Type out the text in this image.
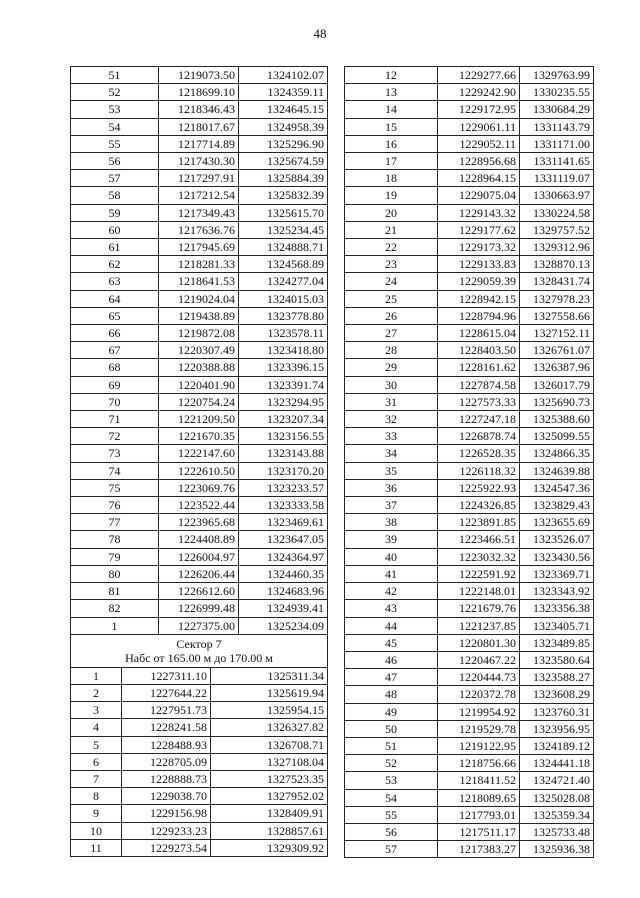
48
51	1219073.50	1324102.07
52	1218699.10	1324359.11
53	1218346.43	1324645.15
54	1218017.67	1324958.39
55	1217714.89	1325296.90
56	1217430.30	1325674.59
57	1217297.91	1325884.39
58	1217212.54	1325832.39
59	1217349.43	1325615.70
60	1217636.76	1325234.45
61	1217945.69	1324888.71
62	1218281.33	1324568.89
63	1218641.53	1324277.04
64	1219024.04	1324015.03
65	1219438.89	1323778.80
66	1219872.08	1323578.11
67	1220307.49	1323418.80
68	1220388.88	1323396.15
69	1220401.90	1323391.74
70	1220754.24	1323294.95
71	1221209.50	1323207.34
72	1221670.35	1323156.55
73	1222147.60	1323143.88
74	1222610.50	1323170.20
75	1223069.76	1323233.57
76	1223522.44	1323333.58
77	1223965.68	1323469.61
78	1224408.89	1323647.05
79	1226004.97	1324364.97
80	1226206.44	1324460.35
81	1226612.60	1324683.96
82	1226999.48	1324939.41
1	1227375.00	1325234.09
Сектор 7
Набс от 165.00 м до 170.00 м		

1	1227311.10	1325311.34
2	1227644.22	1325619.94
3	1227951.73	1325954.15
4	1228241.58	1326327.82
5	1228488.93	1326708.71
6	1228705.09	1327108.04
7	1228888.73	1327523.35
8	1229038.70	1327952.02
9	1229156.98	1328409.91
10	1229233.23	1328857.61
11	1229273.54	1329309.92
12	1229277.66	1329763.99
13	1229242.90	1330235.55
14	1229172.95	1330684.29
15	1229061.11	1331143.79
16	1229052.11	1331171.00
17	1228956.68	1331141.65
18	1228964.15	1331119.07
19	1229075.04	1330663.97
20	1229143.32	1330224.58
21	1229177.62	1329757.52
22	1229173.32	1329312.96
23	1229133.83	1328870.13
24	1229059.39	1328431.74
25	1228942.15	1327978.23
26	1228794.96	1327558.66
27	1228615.04	1327152.11
28	1228403.50	1326761.07
29	1228161.62	1326387.96
30	1227874.58	1326017.79
31	1227573.33	1325690.73
32	1227247.18	1325388.60
33	1226878.74	1325099.55
34	1226528.35	1324866.35
35	1226118.32	1324639.88
36	1225922.93	1324547.36
37	1224326.85	1323829.43
38	1223891.85	1323655.69
39	1223466.51	1323526.07
40	1223032.32	1323430.56
41	1222591.92	1323369.71
42	1222148.01	1323343.92
43	1221679.76	1323356.38
44	1221237.85	1323405.71
45	1220801.30	1323489.85
46	1220467.22	1323580.64
47	1220444.73	1323588.27
48	1220372.78	1323608.29
49	1219954.92	1323760.31
50	1219529.78	1323956.95
51	1219122.95	1324189.12
52	1218756.66	1324441.18
53	1218411.52	1324721.40
54	1218089.65	1325028.08
55	1217793.01	1325359.34
56	1217511.17	1325733.48
57	1217383.27	1325936.38
